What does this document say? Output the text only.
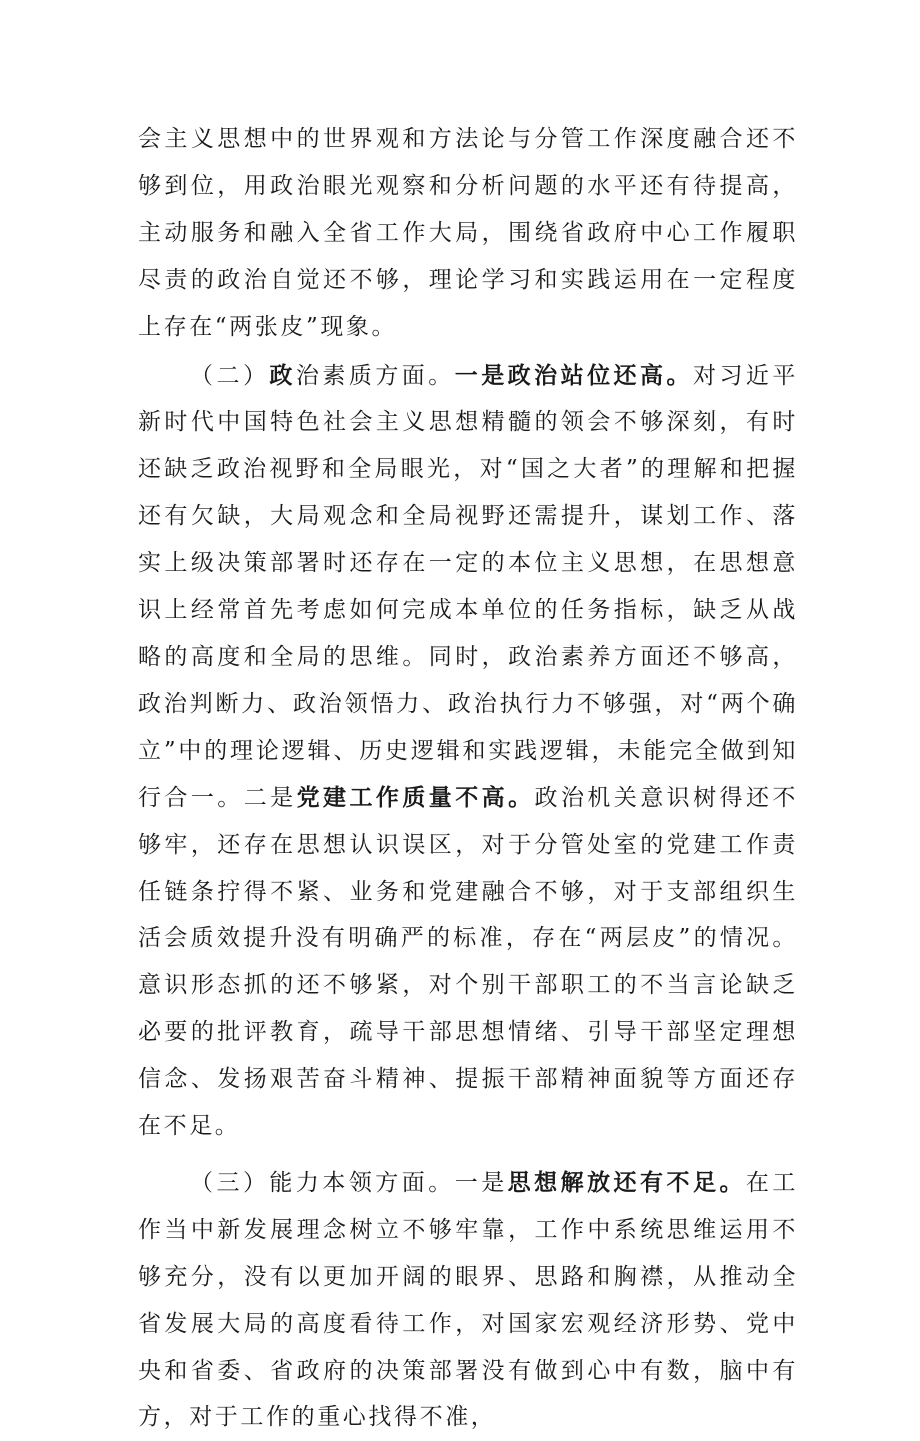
会主义思想中的世界观和方法论与分管工作深度融合还不够到位，用政治眼光观察和分析问题的水平还有待提高，主动服务和融入全省工作大局，围绕省政府中心工作履职尽责的政治自觉还不够，理论学习和实践运用在一定程度上存在“两张皮”现象。

（二）政治素质方面。一是政治站位还高。对习近平新时代中国特色社会主义思想精髓的领会不够深刻，有时还缺乏政治视野和全局眼光，对“国之大者”的理解和把握还有欠缺，大局观念和全局视野还需提升，谋划工作、落实上级决策部署时还存在一定的本位主义思想，在思想意识上经常首先考虑如何完成本单位的任务指标，缺乏从战略的高度和全局的思维。同时，政治素养方面还不够高，政治判断力、政治领悟力、政治执行力不够强，对“两个确立”中的理论逻辑、历史逻辑和实践逻辑，未能完全做到知行合一。二是党建工作质量不高。政治机关意识树得还不够牢，还存在思想认识误区，对于分管处室的党建工作责任链条拧得不紧、业务和党建融合不够，对于支部组织生活会质效提升没有明确严的标准，存在“两层皮”的情况。意识形态抓的还不够紧，对个别干部职工的不当言论缺乏必要的批评教育，疏导干部思想情绪、引导干部坚定理想信念、发扬艰苦奋斗精神、提振干部精神面貌等方面还存在不足。

（三）能力本领方面。一是思想解放还有不足。在工作当中新发展理念树立不够牢靠，工作中系统思维运用不够充分，没有以更加开阔的眼界、思路和胸襟，从推动全省发展大局的高度看待工作，对国家宏观经济形势、党中央和省委、省政府的决策部署没有做到心中有数，脑中有方，对于工作的重心找得不准，
